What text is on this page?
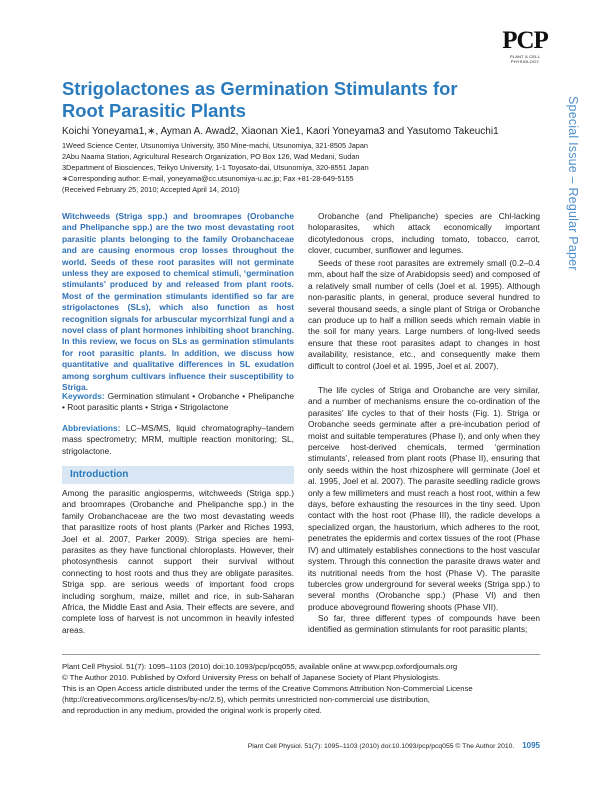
PCP
PLANT & CELL PHYSIOLOGY
Special Issue – Regular Paper
Strigolactones as Germination Stimulants for Root Parasitic Plants
Koichi Yoneyama1,∗, Ayman A. Awad2, Xiaonan Xie1, Kaori Yoneyama3 and Yasutomo Takeuchi1
1Weed Science Center, Utsunomiya University, 350 Mine-machi, Utsunomiya, 321-8505 Japan
2Abu Naama Station, Agricultural Research Organization, PO Box 126, Wad Medani, Sudan
3Department of Biosciences, Teikyo University, 1-1 Toyosato-dai, Utsunomiya, 320-8551 Japan
∗Corresponding author: E-mail, yoneyama@cc.utsunomiya-u.ac.jp; Fax +81-28-649-5155
(Received February 25, 2010; Accepted April 14, 2010)

Witchweeds (Striga spp.) and broomrapes (Orobanche and Phelipanche spp.) are the two most devastating root parasitic plants belonging to the family Orobanchaceae and are causing enormous crop losses throughout the world. Seeds of these root parasites will not germinate unless they are exposed to chemical stimuli, ‘germination stimulants’ produced by and released from plant roots. Most of the germination stimulants identified so far are strigolactones (SLs), which also function as host recognition signals for arbuscular mycorrhizal fungi and a novel class of plant hormones inhibiting shoot branching. In this review, we focus on SLs as germination stimulants for root parasitic plants. In addition, we discuss how quantitative and qualitative differences in SL exudation among sorghum cultivars influence their susceptibility to Striga.

Keywords: Germination stimulant • Orobanche • Phelipanche • Root parasitic plants • Striga • Strigolactone

Abbreviations: LC–MS/MS, liquid chromatography–tandem mass spectrometry; MRM, multiple reaction monitoring; SL, strigolactone.

Introduction

Among the parasitic angiosperms, witchweeds (Striga spp.) and broomrapes (Orobanche and Phelipanche spp.) in the family Orobanchaceae are the two most devastating weeds that parasitize roots of host plants (Parker and Riches 1993, Joel et al. 2007, Parker 2009). Striga species are hemi-parasites as they have functional chloroplasts. However, their photosynthesis cannot support their survival without connecting to host roots and thus they are obligate parasites. Striga spp. are serious weeds of important food crops including sorghum, maize, millet and rice, in sub-Saharan Africa, the Middle East and Asia. Their effects are severe, and complete loss of harvest is not uncommon in heavily infested areas.

Orobanche (and Phelipanche) species are Chl-lacking holoparasites, which attack economically important dicotyledonous crops, including tomato, tobacco, carrot, clover, cucumber, sunflower and legumes.

Seeds of these root parasites are extremely small (0.2–0.4 mm, about half the size of Arabidopsis seed) and composed of a relatively small number of cells (Joel et al. 1995). Although non-parasitic plants, in general, produce several hundred to several thousand seeds, a single plant of Striga or Orobanche can produce up to half a million seeds which remain viable in the soil for many years. Large numbers of long-lived seeds ensure that these root parasites adapt to changes in host availability, resistance, etc., and consequently make them difficult to control (Joel et al. 1995, Joel et al. 2007).

The life cycles of Striga and Orobanche are very similar, and a number of mechanisms ensure the co-ordination of the parasites’ life cycles to that of their hosts (Fig. 1). Striga or Orobanche seeds germinate after a pre-incubation period of moist and suitable temperatures (Phase I), and only when they perceive host-derived chemicals, termed ‘germination stimulants’, released from plant roots (Phase II), ensuring that only seeds within the host rhizosphere will germinate (Joel et al. 1995, Joel et al. 2007). The parasite seedling radicle grows only a few millimeters and must reach a host root, within a few days, before exhausting the resources in the tiny seed. Upon contact with the host root (Phase III), the radicle develops a specialized organ, the haustorium, which adheres to the root, penetrates the epidermis and cortex tissues of the root (Phase IV) and ultimately establishes connections to the host vascular system. Through this connection the parasite draws water and its nutritional needs from the host (Phase V). The parasite tubercles grow underground for several weeks (Striga spp.) to several months (Orobanche spp.) (Phase VI) and then produce aboveground flowering shoots (Phase VII).

So far, three different types of compounds have been identified as germination stimulants for root parasitic plants;

Plant Cell Physiol. 51(7): 1095–1103 (2010) doi:10.1093/pcp/pcq055, available online at www.pcp.oxfordjournals.org
© The Author 2010. Published by Oxford University Press on behalf of Japanese Society of Plant Physiologists.
This is an Open Access article distributed under the terms of the Creative Commons Attribution Non-Commercial License
(http://creativecommons.org/licenses/by-nc/2.5), which permits unrestricted non-commercial use distribution,
and reproduction in any medium, provided the original work is properly cited.
Plant Cell Physiol. 51(7): 1095–1103 (2010) doi:10.1093/pcp/pcq055 © The Author 2010. 1095
